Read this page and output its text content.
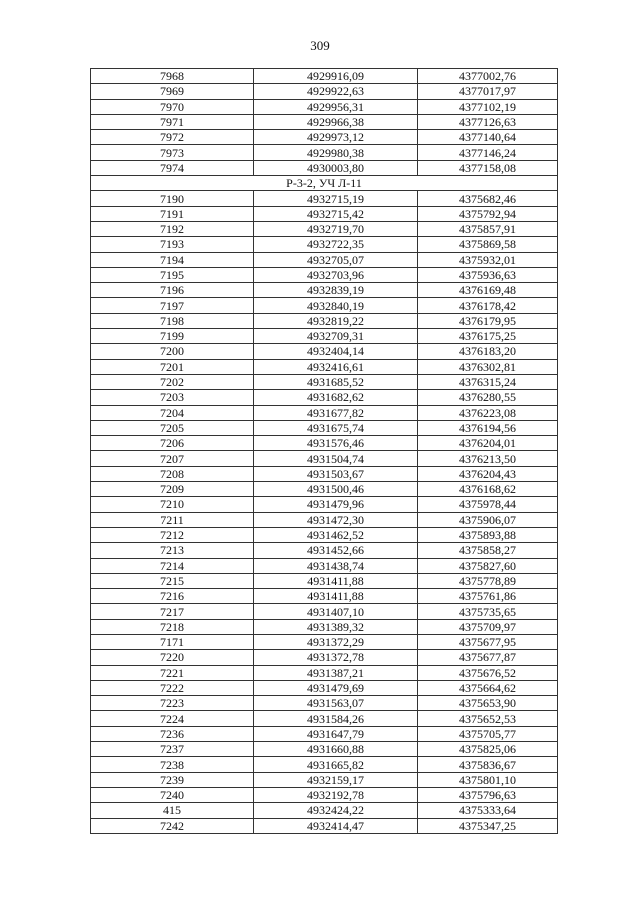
309
7968	4929916,09	4377002,76
7969	4929922,63	4377017,97
7970	4929956,31	4377102,19
7971	4929966,38	4377126,63
7972	4929973,12	4377140,64
7973	4929980,38	4377146,24
7974	4930003,80	4377158,08
Р-3-2, УЧ Л-11		
7190	4932715,19	4375682,46
7191	4932715,42	4375792,94
7192	4932719,70	4375857,91
7193	4932722,35	4375869,58
7194	4932705,07	4375932,01
7195	4932703,96	4375936,63
7196	4932839,19	4376169,48
7197	4932840,19	4376178,42
7198	4932819,22	4376179,95
7199	4932709,31	4376175,25
7200	4932404,14	4376183,20
7201	4932416,61	4376302,81
7202	4931685,52	4376315,24
7203	4931682,62	4376280,55
7204	4931677,82	4376223,08
7205	4931675,74	4376194,56
7206	4931576,46	4376204,01
7207	4931504,74	4376213,50
7208	4931503,67	4376204,43
7209	4931500,46	4376168,62
7210	4931479,96	4375978,44
7211	4931472,30	4375906,07
7212	4931462,52	4375893,88
7213	4931452,66	4375858,27
7214	4931438,74	4375827,60
7215	4931411,88	4375778,89
7216	4931411,88	4375761,86
7217	4931407,10	4375735,65
7218	4931389,32	4375709,97
7171	4931372,29	4375677,95
7220	4931372,78	4375677,87
7221	4931387,21	4375676,52
7222	4931479,69	4375664,62
7223	4931563,07	4375653,90
7224	4931584,26	4375652,53
7236	4931647,79	4375705,77
7237	4931660,88	4375825,06
7238	4931665,82	4375836,67
7239	4932159,17	4375801,10
7240	4932192,78	4375796,63
415	4932424,22	4375333,64
7242	4932414,47	4375347,25
